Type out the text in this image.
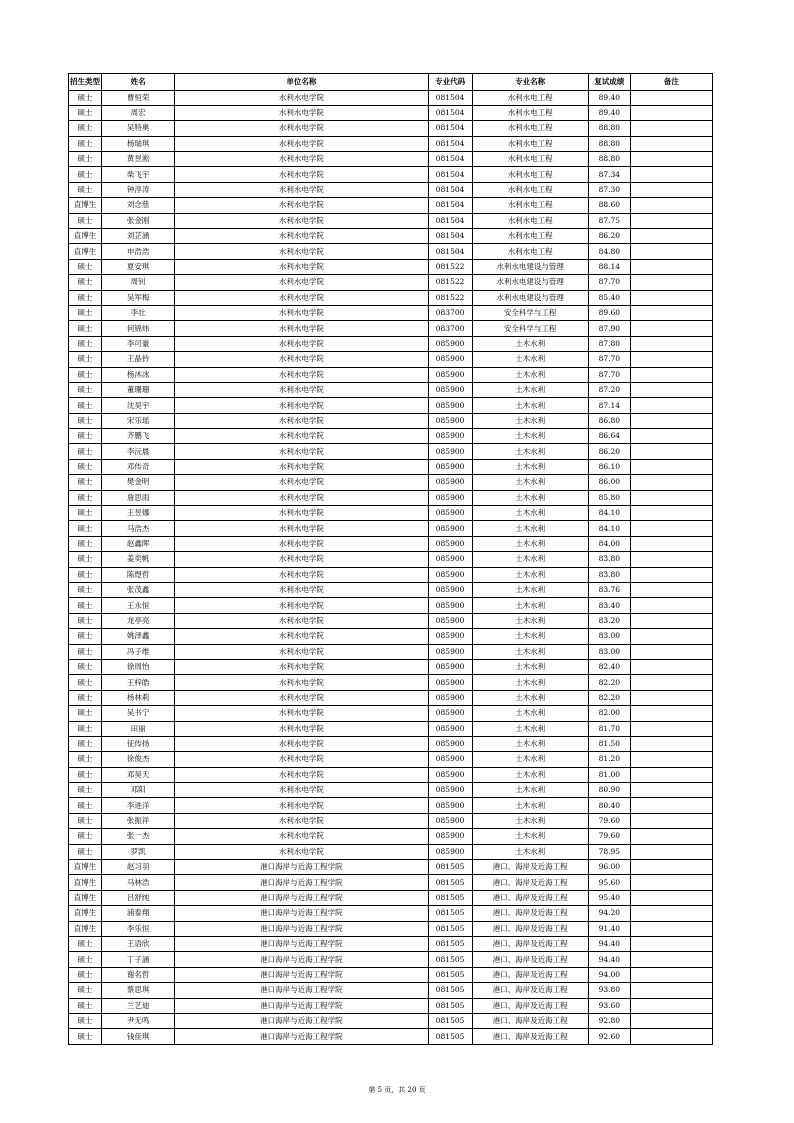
招生类型	姓名	单位名称	专业代码	专业名称	复试成绩	备注
硕士	曹恒荣	水利水电学院	081504	水利水电工程	89.40	
硕士	周宏	水利水电学院	081504	水利水电工程	89.40	
硕士	吴特奥	水利水电学院	081504	水利水电工程	88.80	
硕士	杨瑞琪	水利水电学院	081504	水利水电工程	88.80	
硕士	黄昱淞	水利水电学院	081504	水利水电工程	88.80	
硕士	柴飞宇	水利水电学院	081504	水利水电工程	87.34	
硕士	钟淳涛	水利水电学院	081504	水利水电工程	87.30	
直博生	刘念慈	水利水电学院	081504	水利水电工程	88.60	
硕士	张金刚	水利水电学院	081504	水利水电工程	87.75	
直博生	刘芷涵	水利水电学院	081504	水利水电工程	86.20	
直博生	申浩浩	水利水电学院	081504	水利水电工程	84.80	
硕士	夏安琪	水利水电学院	081522	水利水电建设与管理	88.14	
硕士	周钊	水利水电学院	081522	水利水电建设与管理	87.70	
硕士	吴军梅	水利水电学院	081522	水利水电建设与管理	85.40	
硕士	李壮	水利水电学院	083700	安全科学与工程	89.60	
硕士	何锦炜	水利水电学院	083700	安全科学与工程	87.90	
硕士	李可豪	水利水电学院	085900	土木水利	87.80	
硕士	王晶钤	水利水电学院	085900	土木水利	87.70	
硕士	杨沐冰	水利水电学院	085900	土木水利	87.70	
硕士	董珊珊	水利水电学院	085900	土木水利	87.20	
硕士	沈昊宇	水利水电学院	085900	土木水利	87.14	
硕士	宋乐瑶	水利水电学院	085900	土木水利	86.80	
硕士	齐鹏飞	水利水电学院	085900	土木水利	86.64	
硕士	李沅晨	水利水电学院	085900	土木水利	86.20	
硕士	邓传奇	水利水电学院	085900	土木水利	86.10	
硕士	樊金明	水利水电学院	085900	土木水利	86.00	
硕士	詹思雨	水利水电学院	085900	土木水利	85.80	
硕士	王昱娜	水利水电学院	085900	土木水利	84.10	
硕士	马浩杰	水利水电学院	085900	土木水利	84.10	
硕士	赵鑫晖	水利水电学院	085900	土木水利	84.00	
硕士	姜奕帆	水利水电学院	085900	土木水利	83.80	
硕士	陈煜哲	水利水电学院	085900	土木水利	83.80	
硕士	张茂鑫	水利水电学院	085900	土木水利	83.76	
硕士	王永恒	水利水电学院	085900	土木水利	83.40	
硕士	龙亭亮	水利水电学院	085900	土木水利	83.20	
硕士	姚泽鑫	水利水电学院	085900	土木水利	83.00	
硕士	冯子维	水利水电学院	085900	土木水利	83.00	
硕士	徐周怡	水利水电学院	085900	土木水利	82.40	
硕士	王梓皓	水利水电学院	085900	土木水利	82.20	
硕士	杨林莉	水利水电学院	085900	土木水利	82.20	
硕士	吴书宁	水利水电学院	085900	土木水利	82.00	
硕士	田丽	水利水电学院	085900	土木水利	81.70	
硕士	征传扬	水利水电学院	085900	土木水利	81.50	
硕士	徐俊杰	水利水电学院	085900	土木水利	81.20	
硕士	邓昊天	水利水电学院	085900	土木水利	81.00	
硕士	邓阳	水利水电学院	085900	土木水利	80.90	
硕士	李进洋	水利水电学院	085900	土木水利	80.40	
硕士	张振祥	水利水电学院	085900	土木水利	79.60	
硕士	张一杰	水利水电学院	085900	土木水利	79.60	
硕士	罗凯	水利水电学院	085900	土木水利	78.95	
直博生	赵习羽	港口海岸与近海工程学院	081505	港口、海岸及近海工程	96.00	
直博生	马林浩	港口海岸与近海工程学院	081505	港口、海岸及近海工程	95.60	
直博生	吕舒纯	港口海岸与近海工程学院	081505	港口、海岸及近海工程	95.40	
直博生	浦泰翔	港口海岸与近海工程学院	081505	港口、海岸及近海工程	94.20	
直博生	李乐恒	港口海岸与近海工程学院	081505	港口、海岸及近海工程	91.40	
硕士	王语欣	港口海岸与近海工程学院	081505	港口、海岸及近海工程	94.40	
硕士	丁子涵	港口海岸与近海工程学院	081505	港口、海岸及近海工程	94.40	
硕士	谢名哲	港口海岸与近海工程学院	081505	港口、海岸及近海工程	94.00	
硕士	蔡思琪	港口海岸与近海工程学院	081505	港口、海岸及近海工程	93.80	
硕士	兰艺迪	港口海岸与近海工程学院	081505	港口、海岸及近海工程	93.60	
硕士	尹无鸣	港口海岸与近海工程学院	081505	港口、海岸及近海工程	92.80	
硕士	钱佳琪	港口海岸与近海工程学院	081505	港口、海岸及近海工程	92.60	
第 5 页，共 20 页
